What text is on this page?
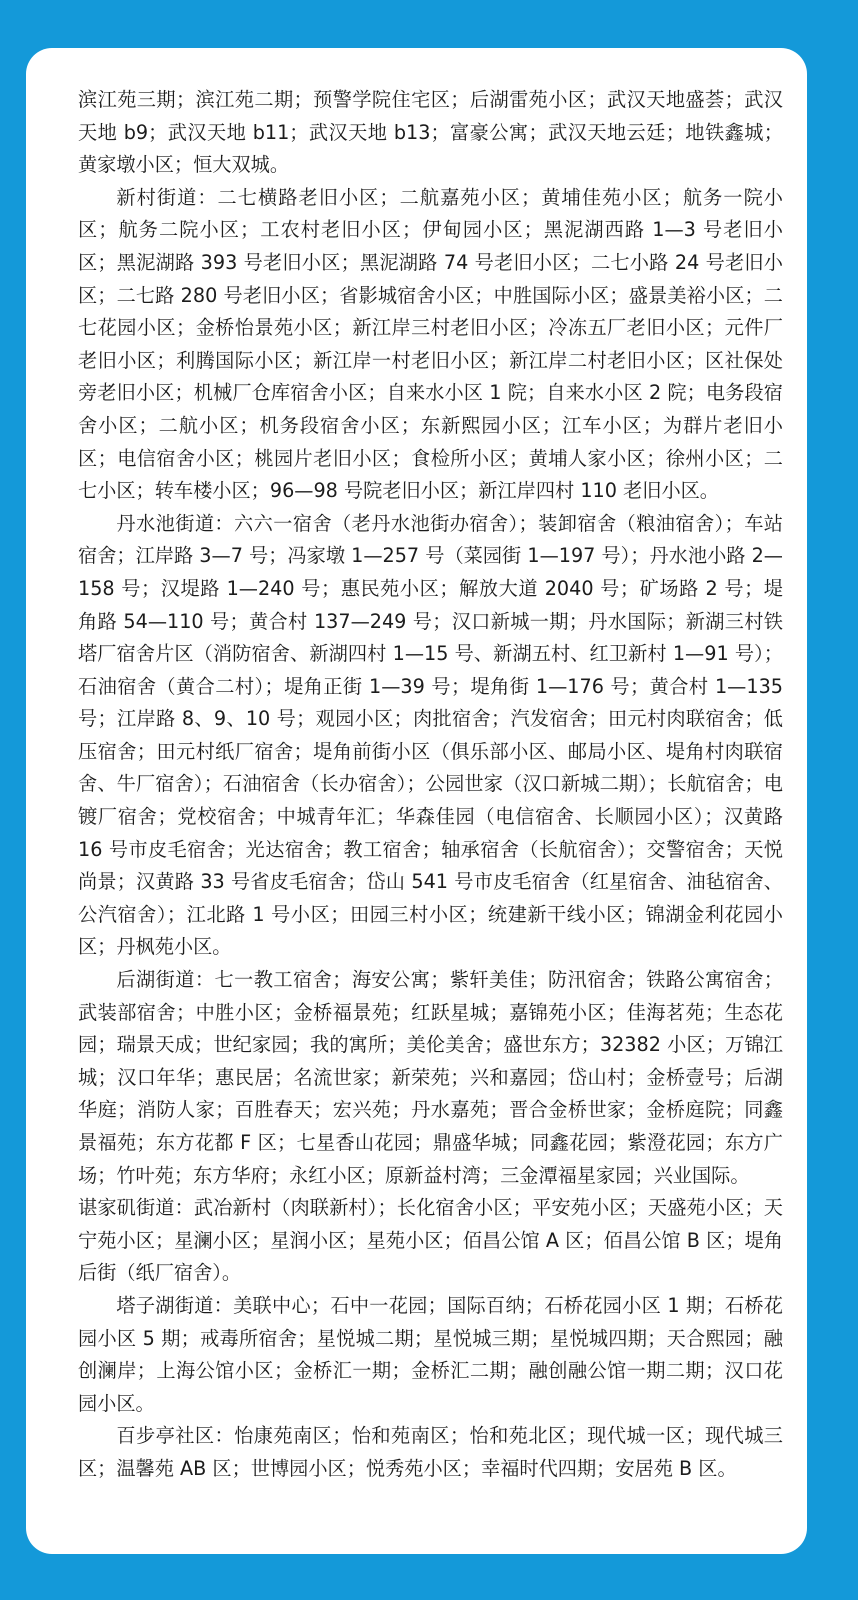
滨江苑三期；滨江苑二期；预警学院住宅区；后湖雷苑小区；武汉天地盛荟；武汉天地 b9；武汉天地 b11；武汉天地 b13；富豪公寓；武汉天地云廷；地铁鑫城；黄家墩小区；恒大双城。

新村街道：二七横路老旧小区；二航嘉苑小区；黄埔佳苑小区；航务一院小区；航务二院小区；工农村老旧小区；伊甸园小区；黑泥湖西路 1—3 号老旧小区；黑泥湖路 393 号老旧小区；黑泥湖路 74 号老旧小区；二七小路 24 号老旧小区；二七路 280 号老旧小区；省影城宿舍小区；中胜国际小区；盛景美裕小区；二七花园小区；金桥怡景苑小区；新江岸三村老旧小区；冷冻五厂老旧小区；元件厂老旧小区；利腾国际小区；新江岸一村老旧小区；新江岸二村老旧小区；区社保处旁老旧小区；机械厂仓库宿舍小区；自来水小区 1 院；自来水小区 2 院；电务段宿舍小区；二航小区；机务段宿舍小区；东新熙园小区；江车小区；为群片老旧小区；电信宿舍小区；桃园片老旧小区；食检所小区；黄埔人家小区；徐州小区；二七小区；转车楼小区；96—98 号院老旧小区；新江岸四村 110 老旧小区。

丹水池街道：六六一宿舍（老丹水池街办宿舍）；装卸宿舍（粮油宿舍）；车站宿舍；江岸路 3—7 号；冯家墩 1—257 号（菜园街 1—197 号）；丹水池小路 2—158 号；汉堤路 1—240 号；惠民苑小区；解放大道 2040 号；矿场路 2 号；堤角路 54—110 号；黄合村 137—249 号；汉口新城一期；丹水国际；新湖三村铁塔厂宿舍片区（消防宿舍、新湖四村 1—15 号、新湖五村、红卫新村 1—91 号）；石油宿舍（黄合二村）；堤角正街 1—39 号；堤角街 1—176 号；黄合村 1—135 号；江岸路 8、9、10 号；观园小区；肉批宿舍；汽发宿舍；田元村肉联宿舍；低压宿舍；田元村纸厂宿舍；堤角前街小区（俱乐部小区、邮局小区、堤角村肉联宿舍、牛厂宿舍）；石油宿舍（长办宿舍）；公园世家（汉口新城二期）；长航宿舍；电镀厂宿舍；党校宿舍；中城青年汇；华森佳园（电信宿舍、长顺园小区）；汉黄路 16 号市皮毛宿舍；光达宿舍；教工宿舍；轴承宿舍（长航宿舍）；交警宿舍；天悦尚景；汉黄路 33 号省皮毛宿舍；岱山 541 号市皮毛宿舍（红星宿舍、油毡宿舍、公汽宿舍）；江北路 1 号小区；田园三村小区；统建新干线小区；锦湖金利花园小区；丹枫苑小区。

后湖街道：七一教工宿舍；海安公寓；紫轩美佳；防汛宿舍；铁路公寓宿舍；武装部宿舍；中胜小区；金桥福景苑；红跃星城；嘉锦苑小区；佳海茗苑；生态花园；瑞景天成；世纪家园；我的寓所；美伦美舍；盛世东方；32382 小区；万锦江城；汉口年华；惠民居；名流世家；新荣苑；兴和嘉园；岱山村；金桥壹号；后湖华庭；消防人家；百胜春天；宏兴苑；丹水嘉苑；晋合金桥世家；金桥庭院；同鑫景福苑；东方花都 F 区；七星香山花园；鼎盛华城；同鑫花园；紫澄花园；东方广场；竹叶苑；东方华府；永红小区；原新益村湾；三金潭福星家园；兴业国际。

谌家矶街道：武冶新村（肉联新村）；长化宿舍小区；平安苑小区；天盛苑小区；天宁苑小区；星澜小区；星润小区；星苑小区；佰昌公馆 A 区；佰昌公馆 B 区；堤角后街（纸厂宿舍）。

塔子湖街道：美联中心；石中一花园；国际百纳；石桥花园小区 1 期；石桥花园小区 5 期；戒毒所宿舍；星悦城二期；星悦城三期；星悦城四期；天合熙园；融创澜岸；上海公馆小区；金桥汇一期；金桥汇二期；融创融公馆一期二期；汉口花园小区。

百步亭社区：怡康苑南区；怡和苑南区；怡和苑北区；现代城一区；现代城三区；温馨苑 AB 区；世博园小区；悦秀苑小区；幸福时代四期；安居苑 B 区。
